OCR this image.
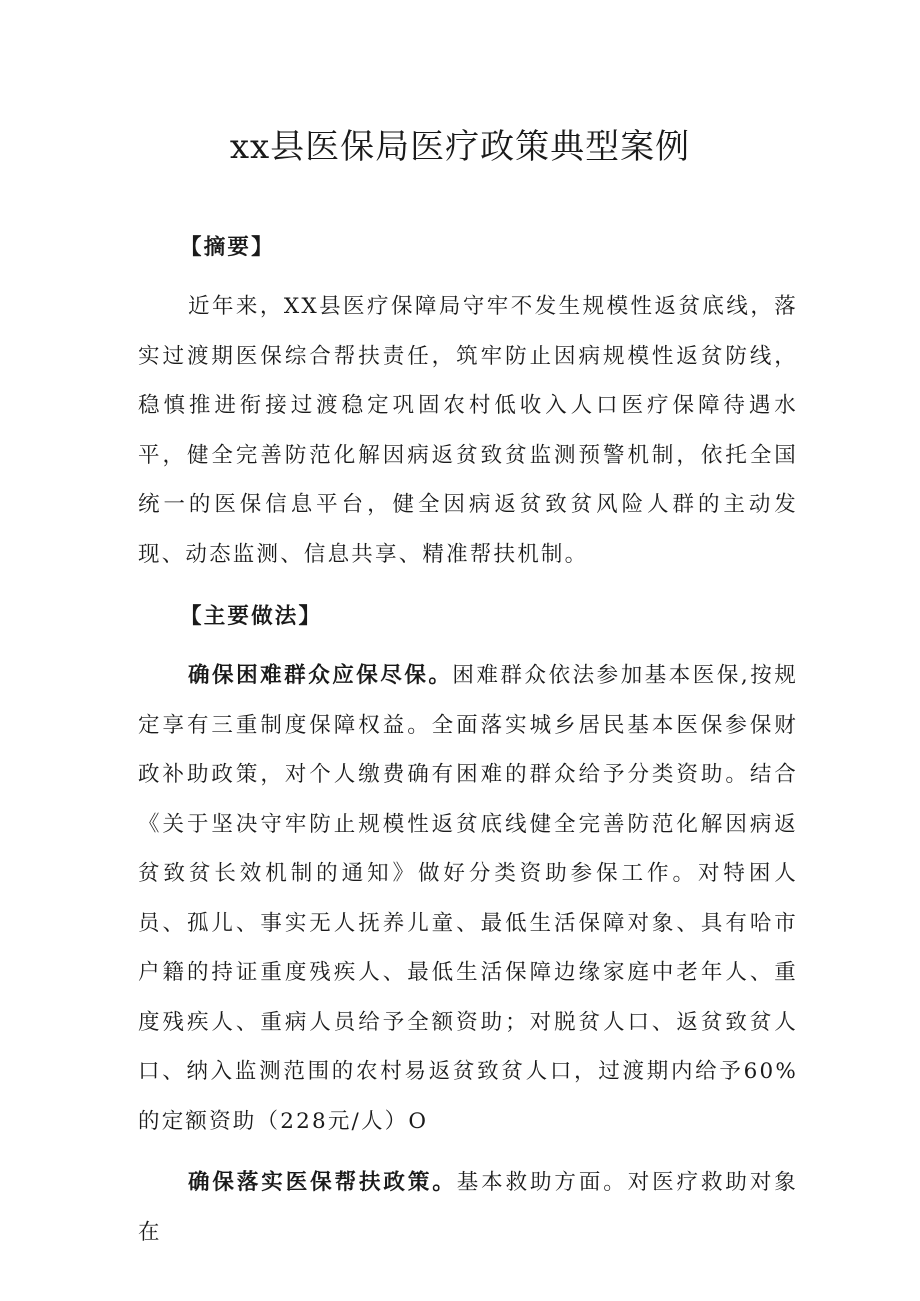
xx县医保局医疗政策典型案例
【摘要】

近年来，XX县医疗保障局守牢不发生规模性返贫底线，落实过渡期医保综合帮扶责任，筑牢防止因病规模性返贫防线，稳慎推进衔接过渡稳定巩固农村低收入人口医疗保障待遇水平，健全完善防范化解因病返贫致贫监测预警机制，依托全国统一的医保信息平台，健全因病返贫致贫风险人群的主动发现、动态监测、信息共享、精准帮扶机制。

【主要做法】

确保困难群众应保尽保。困难群众依法参加基本医保,按规定享有三重制度保障权益。全面落实城乡居民基本医保参保财政补助政策，对个人缴费确有困难的群众给予分类资助。结合《关于坚决守牢防止规模性返贫底线健全完善防范化解因病返贫致贫长效机制的通知》做好分类资助参保工作。对特困人员、孤儿、事实无人抚养儿童、最低生活保障对象、具有哈市户籍的持证重度残疾人、最低生活保障边缘家庭中老年人、重度残疾人、重病人员给予全额资助；对脱贫人口、返贫致贫人口、纳入监测范围的农村易返贫致贫人口，过渡期内给予60%的定额资助（228元/人）O

确保落实医保帮扶政策。基本救助方面。对医疗救助对象在
